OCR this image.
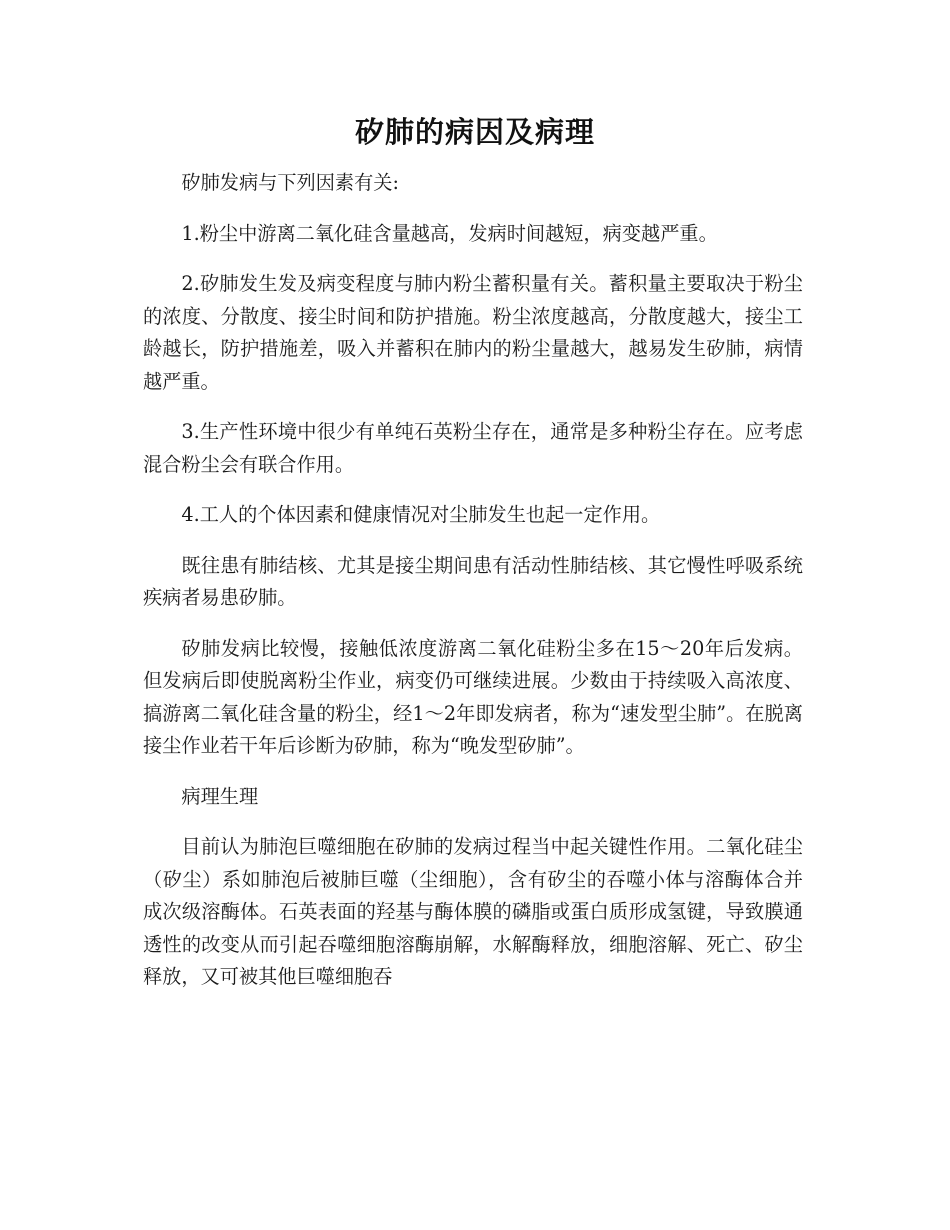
矽肺的病因及病理

矽肺发病与下列因素有关:

1.粉尘中游离二氧化硅含量越高，发病时间越短，病变越严重。

2.矽肺发生发及病变程度与肺内粉尘蓄积量有关。蓄积量主要取决于粉尘的浓度、分散度、接尘时间和防护措施。粉尘浓度越高，分散度越大，接尘工龄越长，防护措施差，吸入并蓄积在肺内的粉尘量越大，越易发生矽肺，病情越严重。

3.生产性环境中很少有单纯石英粉尘存在，通常是多种粉尘存在。应考虑混合粉尘会有联合作用。

4.工人的个体因素和健康情况对尘肺发生也起一定作用。

既往患有肺结核、尤其是接尘期间患有活动性肺结核、其它慢性呼吸系统疾病者易患矽肺。

矽肺发病比较慢，接触低浓度游离二氧化硅粉尘多在15～20年后发病。但发病后即使脱离粉尘作业，病变仍可继续进展。少数由于持续吸入高浓度、搞游离二氧化硅含量的粉尘，经1～2年即发病者，称为“速发型尘肺”。在脱离接尘作业若干年后诊断为矽肺，称为“晚发型矽肺”。

病理生理

目前认为肺泡巨噬细胞在矽肺的发病过程当中起关键性作用。二氧化硅尘（矽尘）系如肺泡后被肺巨噬（尘细胞），含有矽尘的吞噬小体与溶酶体合并成次级溶酶体。石英表面的羟基与酶体膜的磷脂或蛋白质形成氢键，导致膜通透性的改变从而引起吞噬细胞溶酶崩解，水解酶释放，细胞溶解、死亡、矽尘释放，又可被其他巨噬细胞吞
